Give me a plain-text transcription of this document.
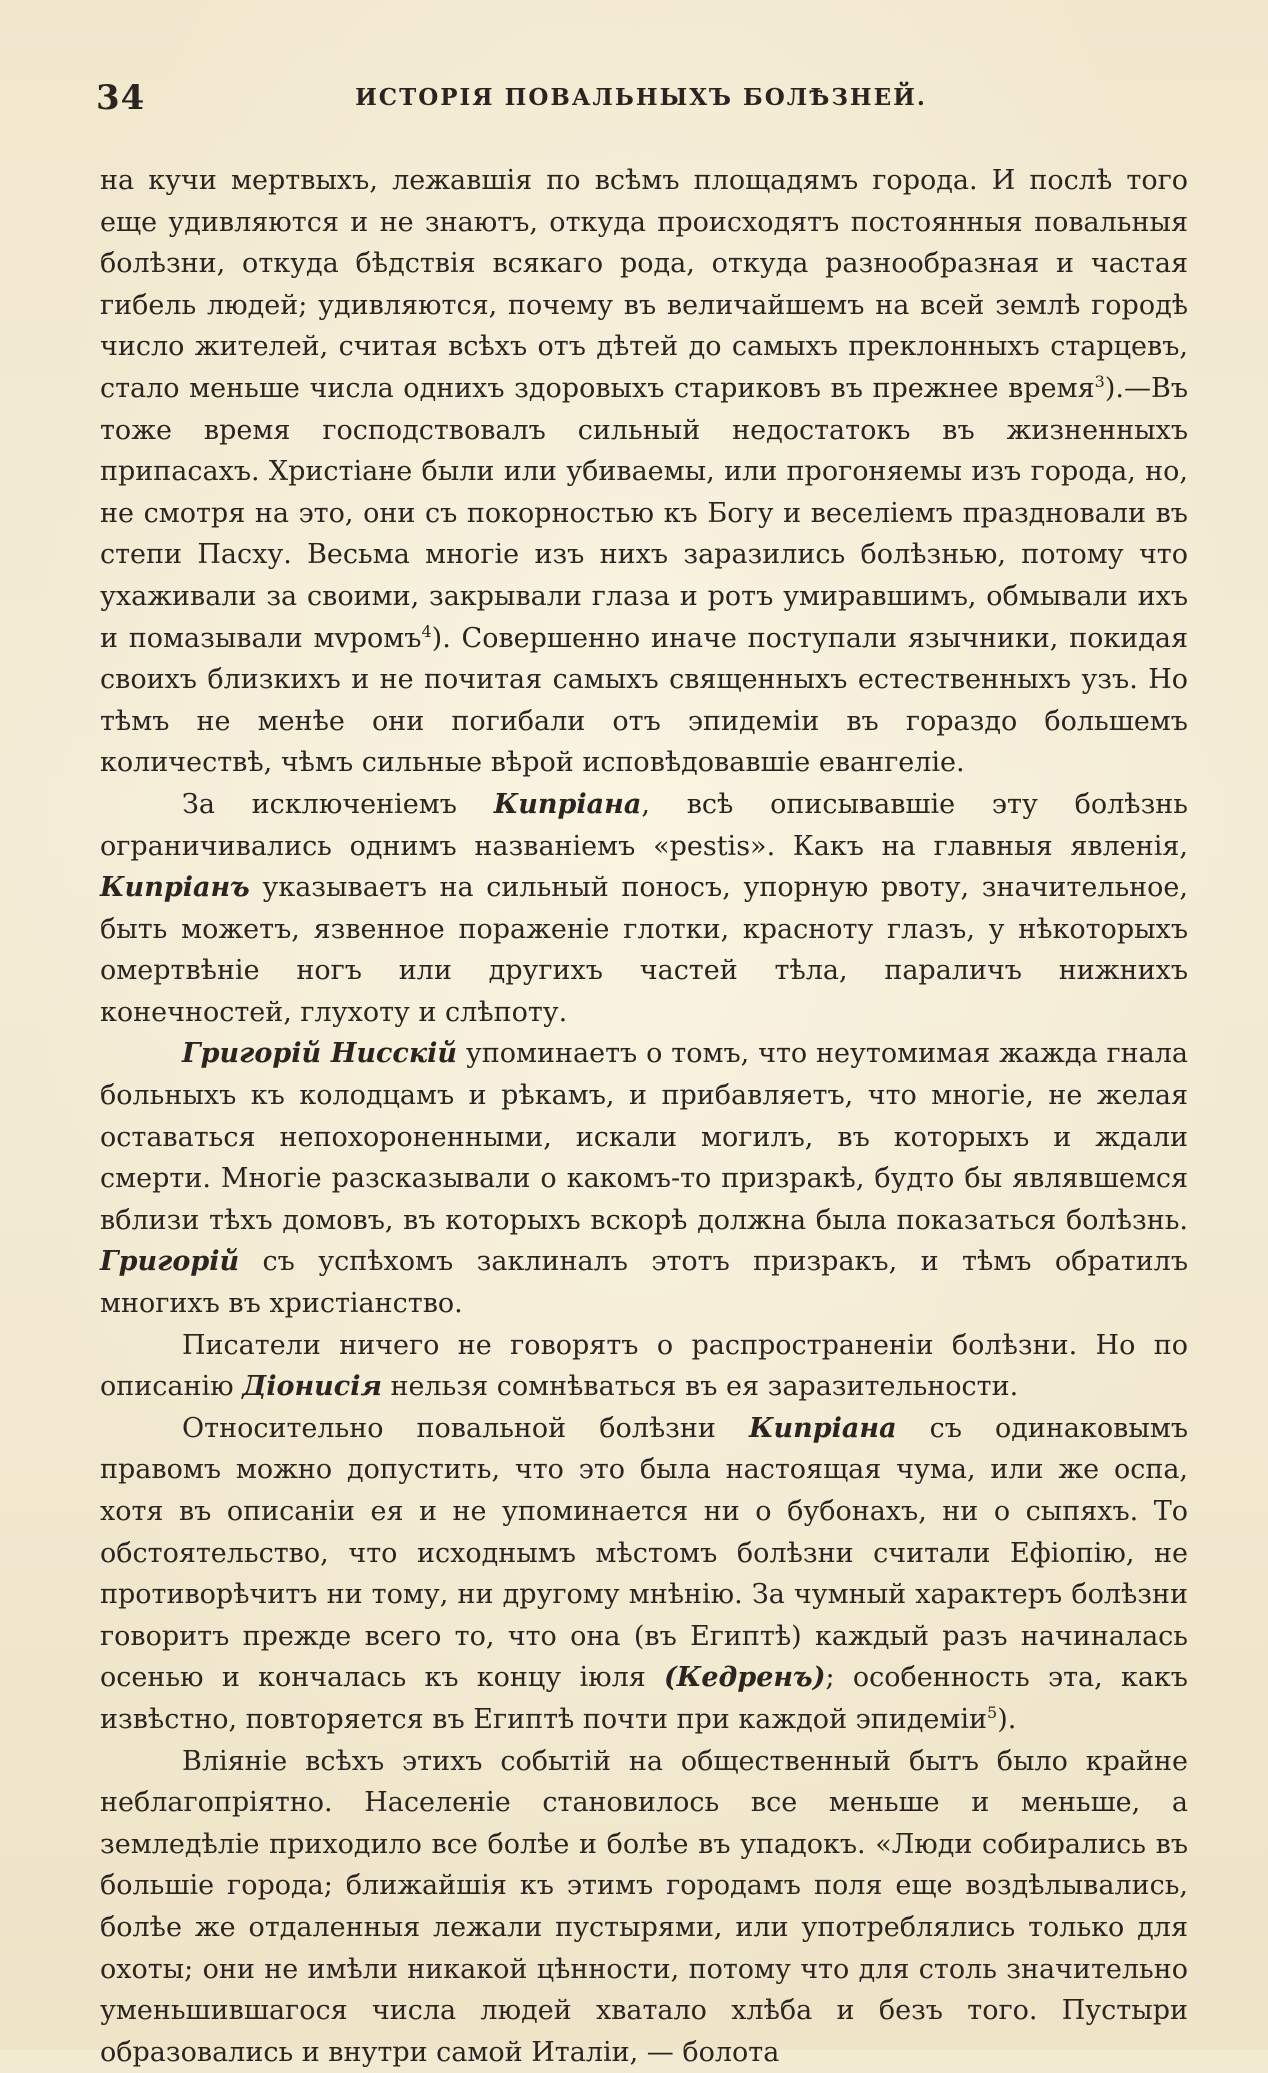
34	ИСТОРІЯ ПОВАЛЬНЫХЪ БОЛѢЗНЕЙ.

на кучи мертвыхъ, лежавшія по всѣмъ площадямъ города. И послѣ того еще удивляются и не знаютъ, откуда происходятъ постоянныя повальныя болѣзни, откуда бѣдствія всякаго рода, откуда разнообразная и частая гибель людей; удивляются, почему въ величайшемъ на всей землѣ городѣ число жителей, считая всѣхъ отъ дѣтей до самыхъ преклонныхъ старцевъ, стало меньше числа однихъ здоровыхъ стариковъ въ прежнее время$^3$).—Въ тоже время господствовалъ сильный недостатокъ въ жизненныхъ припасахъ. Христіане были или убиваемы, или прогоняемы изъ города, но, не смотря на это, они съ покорностью къ Богу и веселіемъ праздновали въ степи Пасху. Весьма многіе изъ нихъ заразились болѣзнью, потому что ухаживали за своими, закрывали глаза и ротъ умиравшимъ, обмывали ихъ и помазывали мvромъ$^4$). Совершенно иначе поступали язычники, покидая своихъ близкихъ и не почитая самыхъ священныхъ естественныхъ узъ. Но тѣмъ не менѣе они погибали отъ эпидеміи въ гораздо большемъ количествѣ, чѣмъ сильные вѣрой исповѣдовавшіе евангеліе.

За исключеніемъ Кипріана, всѣ описывавшіе эту болѣзнь ограничивались однимъ названіемъ «pestis». Какъ на главныя явленія, Кипріанъ указываетъ на сильный поносъ, упорную рвоту, значительное, быть можетъ, язвенное пораженіе глотки, красноту глазъ, у нѣкоторыхъ омертвѣніе ногъ или другихъ частей тѣла, параличъ нижнихъ конечностей, глухоту и слѣпоту.

Григорій Нисскій упоминаетъ о томъ, что неутомимая жажда гнала больныхъ къ колодцамъ и рѣкамъ, и прибавляетъ, что многіе, не желая оставаться непохороненными, искали могилъ, въ которыхъ и ждали смерти. Многіе разсказывали о какомъ-то призракѣ, будто бы являвшемся вблизи тѣхъ домовъ, въ которыхъ вскорѣ должна была показаться болѣзнь. Григорій съ успѣхомъ заклиналъ этотъ призракъ, и тѣмъ обратилъ многихъ въ христіанство.

Писатели ничего не говорятъ о распространеніи болѣзни. Но по описанію Діонисія нельзя сомнѣваться въ ея заразительности.

Относительно повальной болѣзни Кипріана съ одинаковымъ правомъ можно допустить, что это была настоящая чума, или же оспа, хотя въ описаніи ея и не упоминается ни о бубонахъ, ни о сыпяхъ. То обстоятельство, что исходнымъ мѣстомъ болѣзни считали Ефіопію, не противорѣчитъ ни тому, ни другому мнѣнію. За чумный характеръ болѣзни говоритъ прежде всего то, что она (въ Египтѣ) каждый разъ начиналась осенью и кончалась къ концу іюля (Кедренъ); особенность эта, какъ извѣстно, повторяется въ Египтѣ почти при каждой эпидеміи$^5$).

Вліяніе всѣхъ этихъ событій на общественный бытъ было крайне неблагопріятно. Населеніе становилось все меньше и меньше, а земледѣліе приходило все болѣе и болѣе въ упадокъ. «Люди собирались въ большіе города; ближайшія къ этимъ городамъ поля еще воздѣлывались, болѣе же отдаленныя лежали пустырями, или употреблялись только для охоты; они не имѣли никакой цѣнности, потому что для столь значительно уменьшившагося числа людей хватало хлѣба и безъ того. Пустыри образовались и внутри самой Италіи, — болота
